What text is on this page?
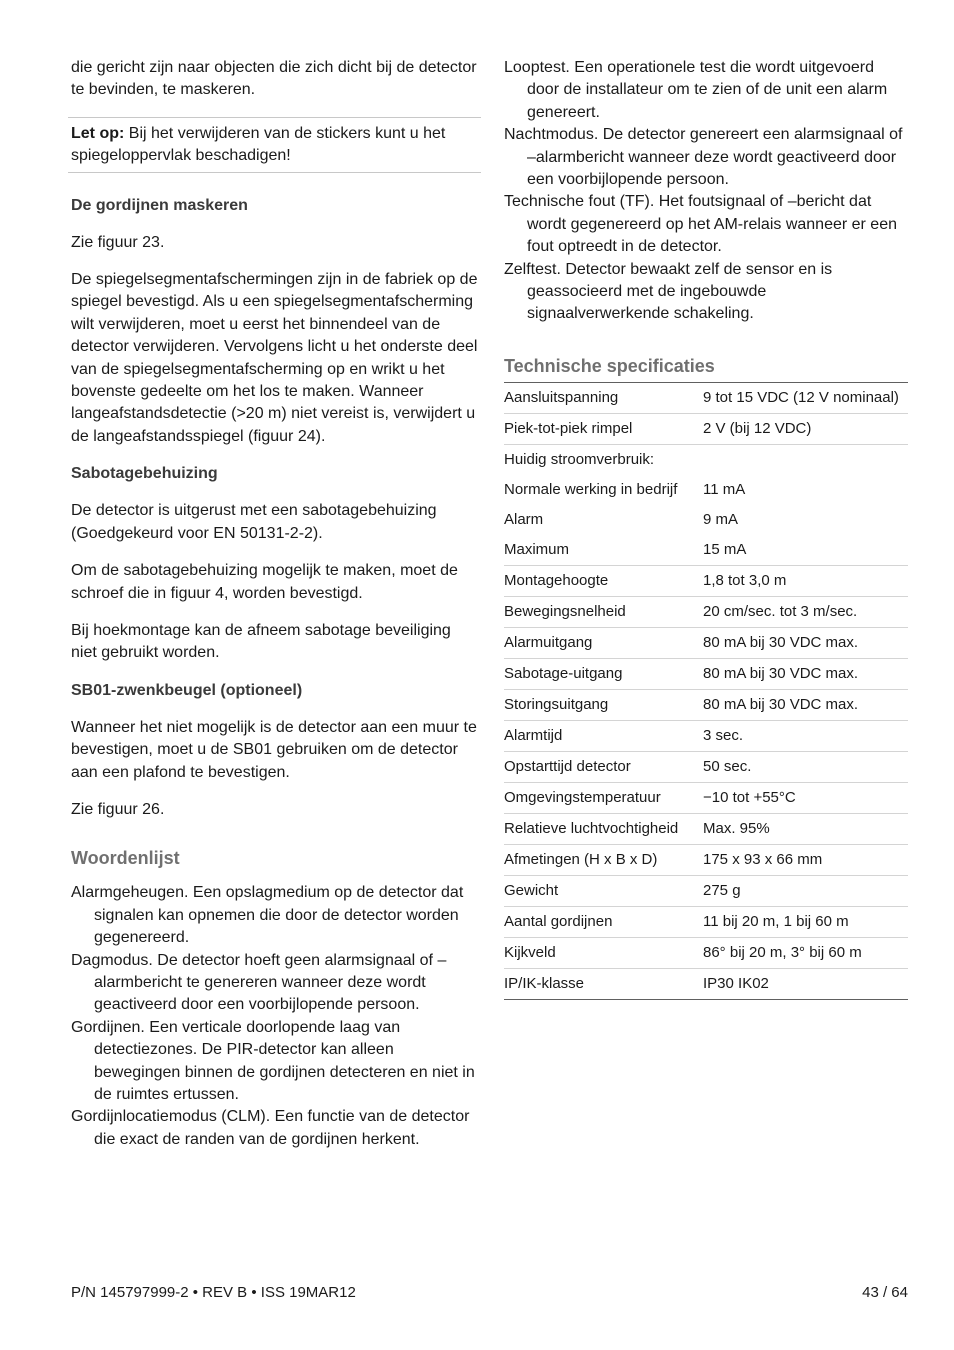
die gericht zijn naar objecten die zich dicht bij de detector te bevinden, te maskeren.

Let op: Bij het verwijderen van de stickers kunt u het spiegeloppervlak beschadigen!

De gordijnen maskeren

Zie figuur 23.

De spiegelsegmentafschermingen zijn in de fabriek op de spiegel bevestigd. Als u een spiegelsegmentafscherming wilt verwijderen, moet u eerst het binnendeel van de detector verwijderen. Vervolgens licht u het onderste deel van de spiegelsegmentafscherming op en wrikt u het bovenste gedeelte om het los te maken. Wanneer langeafstandsdetectie (>20 m) niet vereist is, verwijdert u de langeafstandsspiegel (figuur 24).

Sabotagebehuizing

De detector is uitgerust met een sabotagebehuizing (Goedgekeurd voor EN 50131-2-2).

Om de sabotagebehuizing mogelijk te maken, moet de schroef die in figuur 4, worden bevestigd.

Bij hoekmontage kan de afneem sabotage beveiliging niet gebruikt worden.

SB01-zwenkbeugel (optioneel)

Wanneer het niet mogelijk is de detector aan een muur te bevestigen, moet u de SB01 gebruiken om de detector aan een plafond te bevestigen.

Zie figuur 26.

Woordenlijst

Alarmgeheugen. Een opslagmedium op de detector dat signalen kan opnemen die door de detector worden gegenereerd.

Dagmodus. De detector hoeft geen alarmsignaal of –alarmbericht te genereren wanneer deze wordt geactiveerd door een voorbijlopende persoon.

Gordijnen. Een verticale doorlopende laag van detectiezones. De PIR-detector kan alleen bewegingen binnen de gordijnen detecteren en niet in de ruimtes ertussen.

Gordijnlocatiemodus (CLM). Een functie van de detector die exact de randen van de gordijnen herkent.

Looptest. Een operationele test die wordt uitgevoerd door de installateur om te zien of de unit een alarm genereert.

Nachtmodus. De detector genereert een alarmsignaal of –alarmbericht wanneer deze wordt geactiveerd door een voorbijlopende persoon.

Technische fout (TF). Het foutsignaal of –bericht dat wordt gegenereerd op het AM-relais wanneer er een fout optreedt in de detector.

Zelftest. Detector bewaakt zelf de sensor en is geassocieerd met de ingebouwde signaalverwerkende schakeling.

Technische specificaties
Aansluitspanning	9 tot 15 VDC (12 V nominaal)
Piek-tot-piek rimpel	2 V (bij 12 VDC)
Huidig stroomverbruik:	
Normale werking in bedrijf	11 mA
Alarm	9 mA
Maximum	15 mA
Montagehoogte	1,8 tot 3,0 m
Bewegingsnelheid	20 cm/sec. tot 3 m/sec.
Alarmuitgang	80 mA bij 30 VDC max.
Sabotage-uitgang	80 mA bij 30 VDC max.
Storingsuitgang	80 mA bij 30 VDC max.
Alarmtijd	3 sec.
Opstarttijd detector	50 sec.
Omgevingstemperatuur	−10 tot +55°C
Relatieve luchtvochtigheid	Max. 95%
Afmetingen (H x B x D)	175 x 93 x 66 mm
Gewicht	275 g
Aantal gordijnen	11 bij 20 m, 1 bij 60 m
Kijkveld	86° bij 20 m, 3° bij 60 m
IP/IK-klasse	IP30 IK02
P/N 145797999-2 • REV B • ISS 19MAR12	43 / 64
